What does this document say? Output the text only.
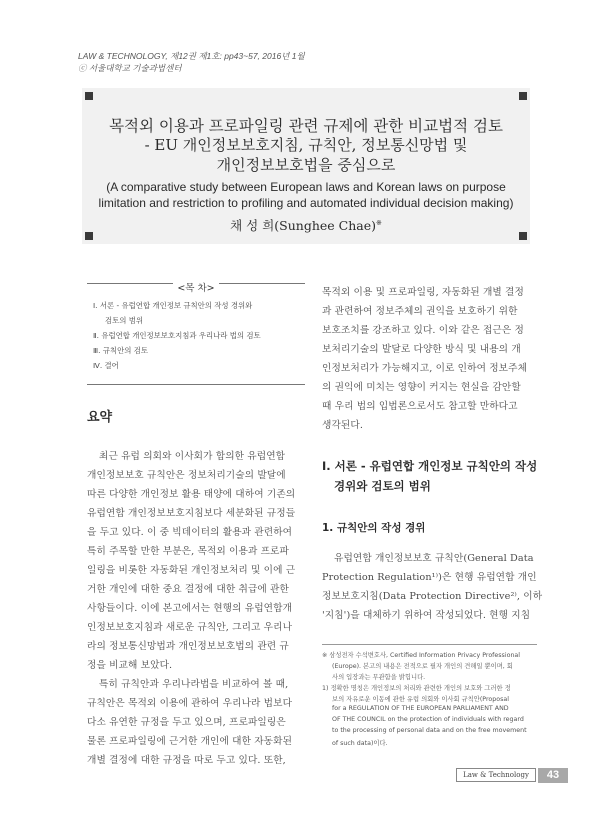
LAW & TECHNOLOGY, 제12권 제1호: pp43~57, 2016년 1월
ⓒ 서울대학교 기술과법센터
목적외 이용과 프로파일링 관련 규제에 관한 비교법적 검토
- EU 개인정보보호지침, 규칙안, 정보통신망법 및
개인정보보호법을 중심으로
(A comparative study between European laws and Korean laws on purpose
limitation and restriction to profiling and automated individual decision making)
채 성 희(Sunghee Chae)※
<목 차>
Ⅰ. 서론 - 유럽연합 개인정보 규칙안의 작성 경위와
검토의 범위
Ⅱ. 유럽연합 개인정보보호지침과 우리나라 법의 검토
Ⅲ. 규칙안의 검토
Ⅳ. 결어
요약
최근 유럽 의회와 이사회가 합의한 유럽연합
개인정보보호 규칙안은 정보처리기술의 발달에
따른 다양한 개인정보 활용 태양에 대하여 기존의
유럽연합 개인정보보호지침보다 세분화된 규정들
을 두고 있다. 이 중 빅데이터의 활용과 관련하여
특히 주목할 만한 부분은, 목적외 이용과 프로파
일링을 비롯한 자동화된 개인정보처리 및 이에 근
거한 개인에 대한 중요 결정에 대한 취급에 관한
사항들이다. 이에 본고에서는 현행의 유럽연합개
인정보보호지침과 새로운 규칙안, 그리고 우리나
라의 정보통신망법과 개인정보보호법의 관련 규
정을 비교해 보았다.
특히 규칙안과 우리나라법을 비교하여 볼 때,
규칙안은 목적외 이용에 관하여 우리나라 법보다
다소 유연한 규정을 두고 있으며, 프로파일링은
물론 프로파일링에 근거한 개인에 대한 자동화된
개별 결정에 대한 규정을 따로 두고 있다. 또한,
목적외 이용 및 프로파일링, 자동화된 개별 결정
과 관련하여 정보주체의 권익을 보호하기 위한
보호조치를 강조하고 있다. 이와 같은 접근은 정
보처리기술의 발달로 다양한 방식 및 내용의 개
인정보처리가 가능해지고, 이로 인하여 정보주체
의 권익에 미치는 영향이 커지는 현실을 감안할
때 우리 법의 입법론으로서도 참고할 만하다고
생각된다.
Ⅰ. 서론 - 유럽연합 개인정보 규칙안의 작성
경위와 검토의 범위
1. 규칙안의 작성 경위
유럽연합 개인정보보호 규칙안(General Data
Protection Regulation¹⁾)은 현행 유럽연합 개인
정보보호지침(Data Protection Directive²⁾, 이하
'지침')을 대체하기 위하여 작성되었다. 현행 지침
※ 삼성전자 수석변호사, Certified Information Privacy Professional
(Europe). 본고의 내용은 전적으로 필자 개인의 견해일 뿐이며, 회
사의 입장과는 무관함을 밝힙니다.
1) 정확한 명칭은 개인정보의 처리와 관련한 개인의 보호와 그러한 정
보의 자유로운 이동에 관한 유럽 의회와 이사회 규칙안(Proposal
for a REGULATION OF THE EUROPEAN PARLIAMENT AND
OF THE COUNCIL on the protection of individuals with regard
to the processing of personal data and on the free movement
of such data)이다.
Law & Technology	43
